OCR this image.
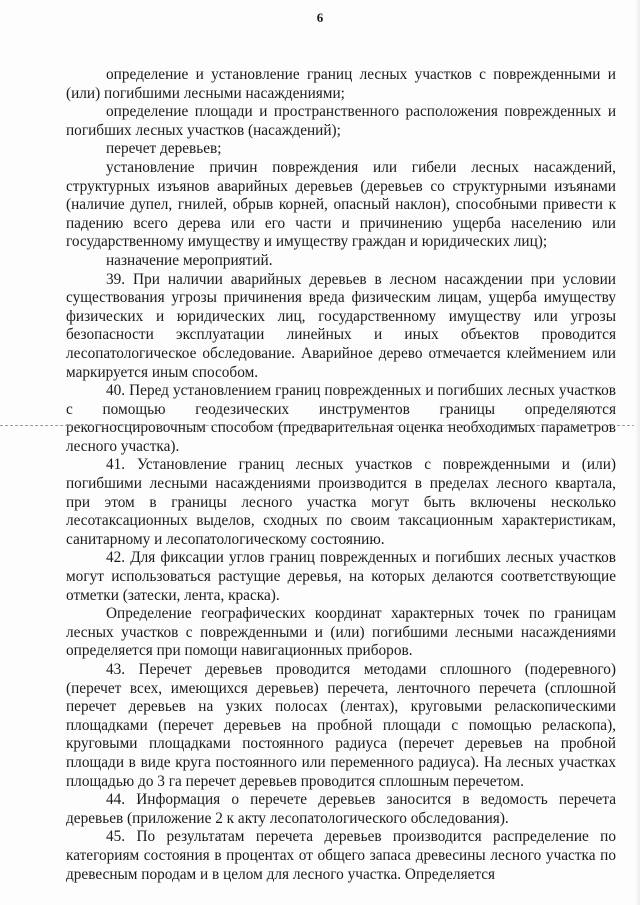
6

определение и установление границ лесных участков с поврежденными и (или) погибшими лесными насаждениями;

определение площади и пространственного расположения поврежденных и погибших лесных участков (насаждений);

перечет деревьев;

установление причин повреждения или гибели лесных насаждений, структурных изъянов аварийных деревьев (деревьев со структурными изъянами (наличие дупел, гнилей, обрыв корней, опасный наклон), способными привести к падению всего дерева или его части и причинению ущерба населению или государственному имуществу и имуществу граждан и юридических лиц);

назначение мероприятий.

39. При наличии аварийных деревьев в лесном насаждении при условии существования угрозы причинения вреда физическим лицам, ущерба имуществу физических и юридических лиц, государственному имуществу или угрозы безопасности эксплуатации линейных и иных объектов проводится лесопатологическое обследование. Аварийное дерево отмечается клеймением или маркируется иным способом.

40. Перед установлением границ поврежденных и погибших лесных участков с помощью геодезических инструментов границы определяются рекогносцировочным способом (предварительная оценка необходимых параметров лесного участка).

41. Установление границ лесных участков с поврежденными и (или) погибшими лесными насаждениями производится в пределах лесного квартала, при этом в границы лесного участка могут быть включены несколько лесотаксационных выделов, сходных по своим таксационным характеристикам, санитарному и лесопатологическому состоянию.

42. Для фиксации углов границ поврежденных и погибших лесных участков могут использоваться растущие деревья, на которых делаются соответствующие отметки (затески, лента, краска).

Определение географических координат характерных точек по границам лесных участков с поврежденными и (или) погибшими лесными насаждениями определяется при помощи навигационных приборов.

43. Перечет деревьев проводится методами сплошного (подеревного) (перечет всех, имеющихся деревьев) перечета, ленточного перечета (сплошной перечет деревьев на узких полосах (лентах), круговыми реласкопическими площадками (перечет деревьев на пробной площади с помощью реласкопа), круговыми площадками постоянного радиуса (перечет деревьев на пробной площади в виде круга постоянного или переменного радиуса). На лесных участках площадью до 3 га перечет деревьев проводится сплошным перечетом.

44. Информация о перечете деревьев заносится в ведомость перечета деревьев (приложение 2 к акту лесопатологического обследования).

45. По результатам перечета деревьев производится распределение по категориям состояния в процентах от общего запаса древесины лесного участка по древесным породам и в целом для лесного участка. Определяется
